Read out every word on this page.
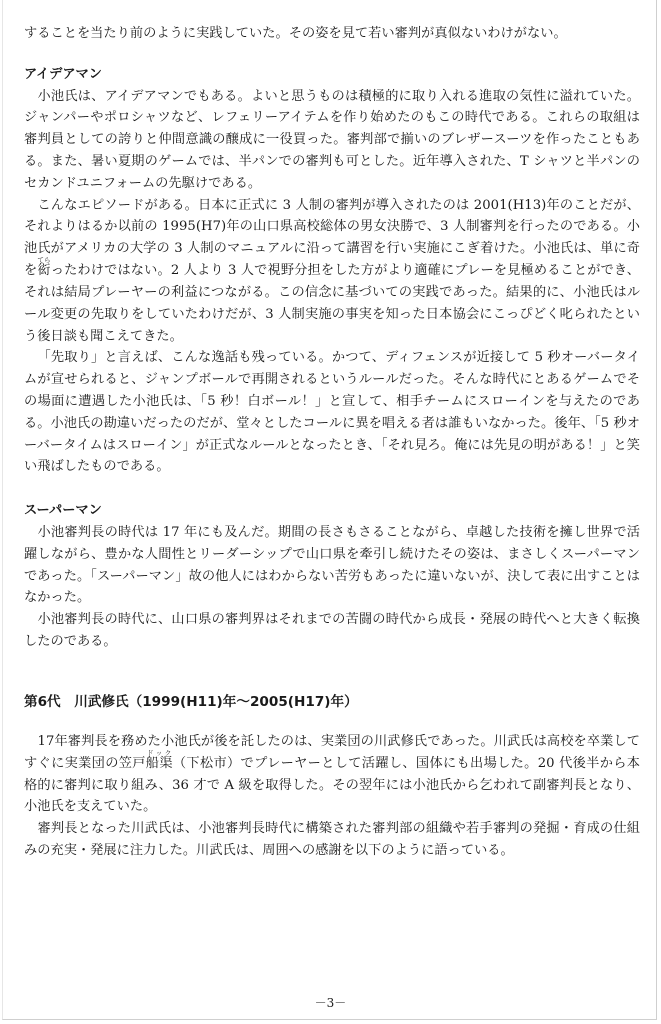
することを当たり前のように実践していた。その姿を見て若い審判が真似ないわけがない。

アイデアマン

小池氏は、アイデアマンでもある。よいと思うものは積極的に取り入れる進取の気性に溢れていた。ジャンパーやポロシャツなど、レフェリーアイテムを作り始めたのもこの時代である。これらの取組は審判員としての誇りと仲間意識の醸成に一役買った。審判部で揃いのブレザースーツを作ったこともある。また、暑い夏期のゲームでは、半パンでの審判も可とした。近年導入された、T シャツと半パンのセカンドユニフォームの先駆けである。

こんなエピソードがある。日本に正式に 3 人制の審判が導入されたのは 2001(H13)年のことだが、それよりはるか以前の 1995(H7)年の山口県高校総体の男女決勝で、3 人制審判を行ったのである。小池氏がアメリカの大学の 3 人制のマニュアルに沿って講習を行い実施にこぎ着けた。小池氏は、単に奇を衒てらったわけではない。2 人より 3 人で視野分担をした方がより適確にプレーを見極めることができ、それは結局プレーヤーの利益につながる。この信念に基づいての実践であった。結果的に、小池氏はルール変更の先取りをしていたわけだが、3 人制実施の事実を知った日本協会にこっぴどく叱られたという後日談も聞こえてきた。

「先取り」と言えば、こんな逸話も残っている。かつて、ディフェンスが近接して 5 秒オーバータイムが宣せられると、ジャンプボールで再開されるというルールだった。そんな時代にとあるゲームでその場面に遭遇した小池氏は、「5 秒！白ボール！」と宣して、相手チームにスローインを与えたのである。小池氏の勘違いだったのだが、堂々としたコールに異を唱える者は誰もいなかった。後年、「5 秒オーバータイムはスローイン」が正式なルールとなったとき、「それ見ろ。俺には先見の明がある！」と笑い飛ばしたものである。

スーパーマン

小池審判長の時代は 17 年にも及んだ。期間の長さもさることながら、卓越した技術を擁し世界で活躍しながら、豊かな人間性とリーダーシップで山口県を牽引し続けたその姿は、まさしくスーパーマンであった。「スーパーマン」故の他人にはわからない苦労もあったに違いないが、決して表に出すことはなかった。

小池審判長の時代に、山口県の審判界はそれまでの苦闘の時代から成長・発展の時代へと大きく転換したのである。

第6代　川武修氏（1999(H11)年～2005(H17)年）

17年審判長を務めた小池氏が後を託したのは、実業団の川武修氏であった。川武氏は高校を卒業してすぐに実業団の笠戸船渠ドック（下松市）でプレーヤーとして活躍し、国体にも出場した。20 代後半から本格的に審判に取り組み、36 才で A 級を取得した。その翌年には小池氏から乞われて副審判長となり、小池氏を支えていた。

審判長となった川武氏は、小池審判長時代に構築された審判部の組織や若手審判の発掘・育成の仕組みの充実・発展に注力した。川武氏は、周囲への感謝を以下のように語っている。

－3－
